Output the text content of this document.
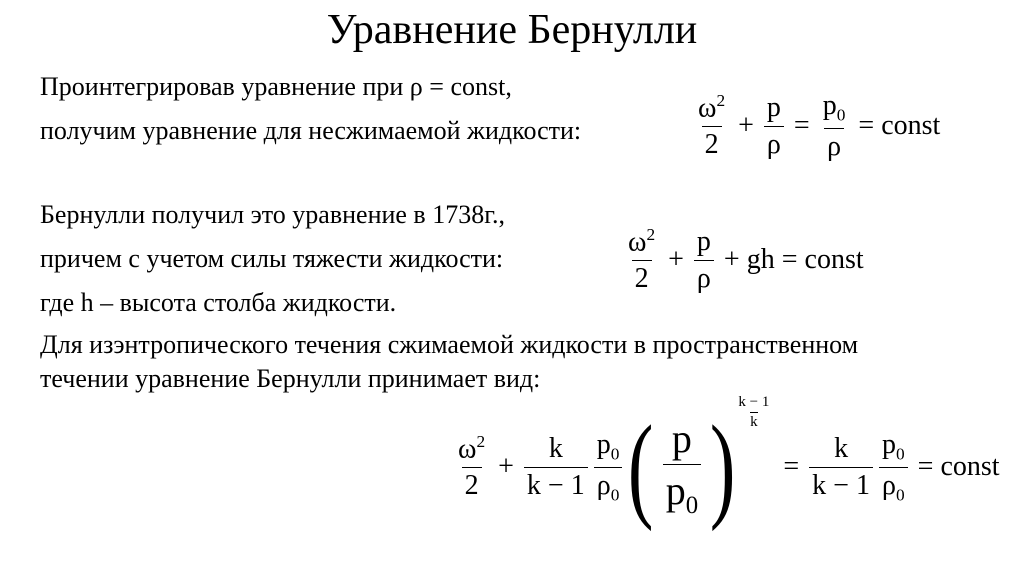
Уравнение Бернулли
Проинтегрировав уравнение при ρ = const,
получим уравнение для несжимаемой жидкости:
Бернулли получил это уравнение в 1738г.,
причем с учетом силы тяжести жидкости:
где h – высота столба жидкости.
Для изэнтропического течения сжимаемой жидкости в пространственном
течении уравнение Бернулли принимает вид:
$\frac{\omega^2}{2} + \frac{p}{\rho} = \frac{p_0}{\rho}$ = const
$\frac{\omega^2}{2} + \frac{p}{\rho}$ + gh = const
$\frac{\omega^2}{2} + \frac{k}{k - 1} \frac{p_0}{\rho_0}$ ( $\frac{p}{p_0}$ ) $\frac{k - 1}{k}$
= $\frac{k}{k - 1} \frac{p_0}{\rho_0}$ = const
